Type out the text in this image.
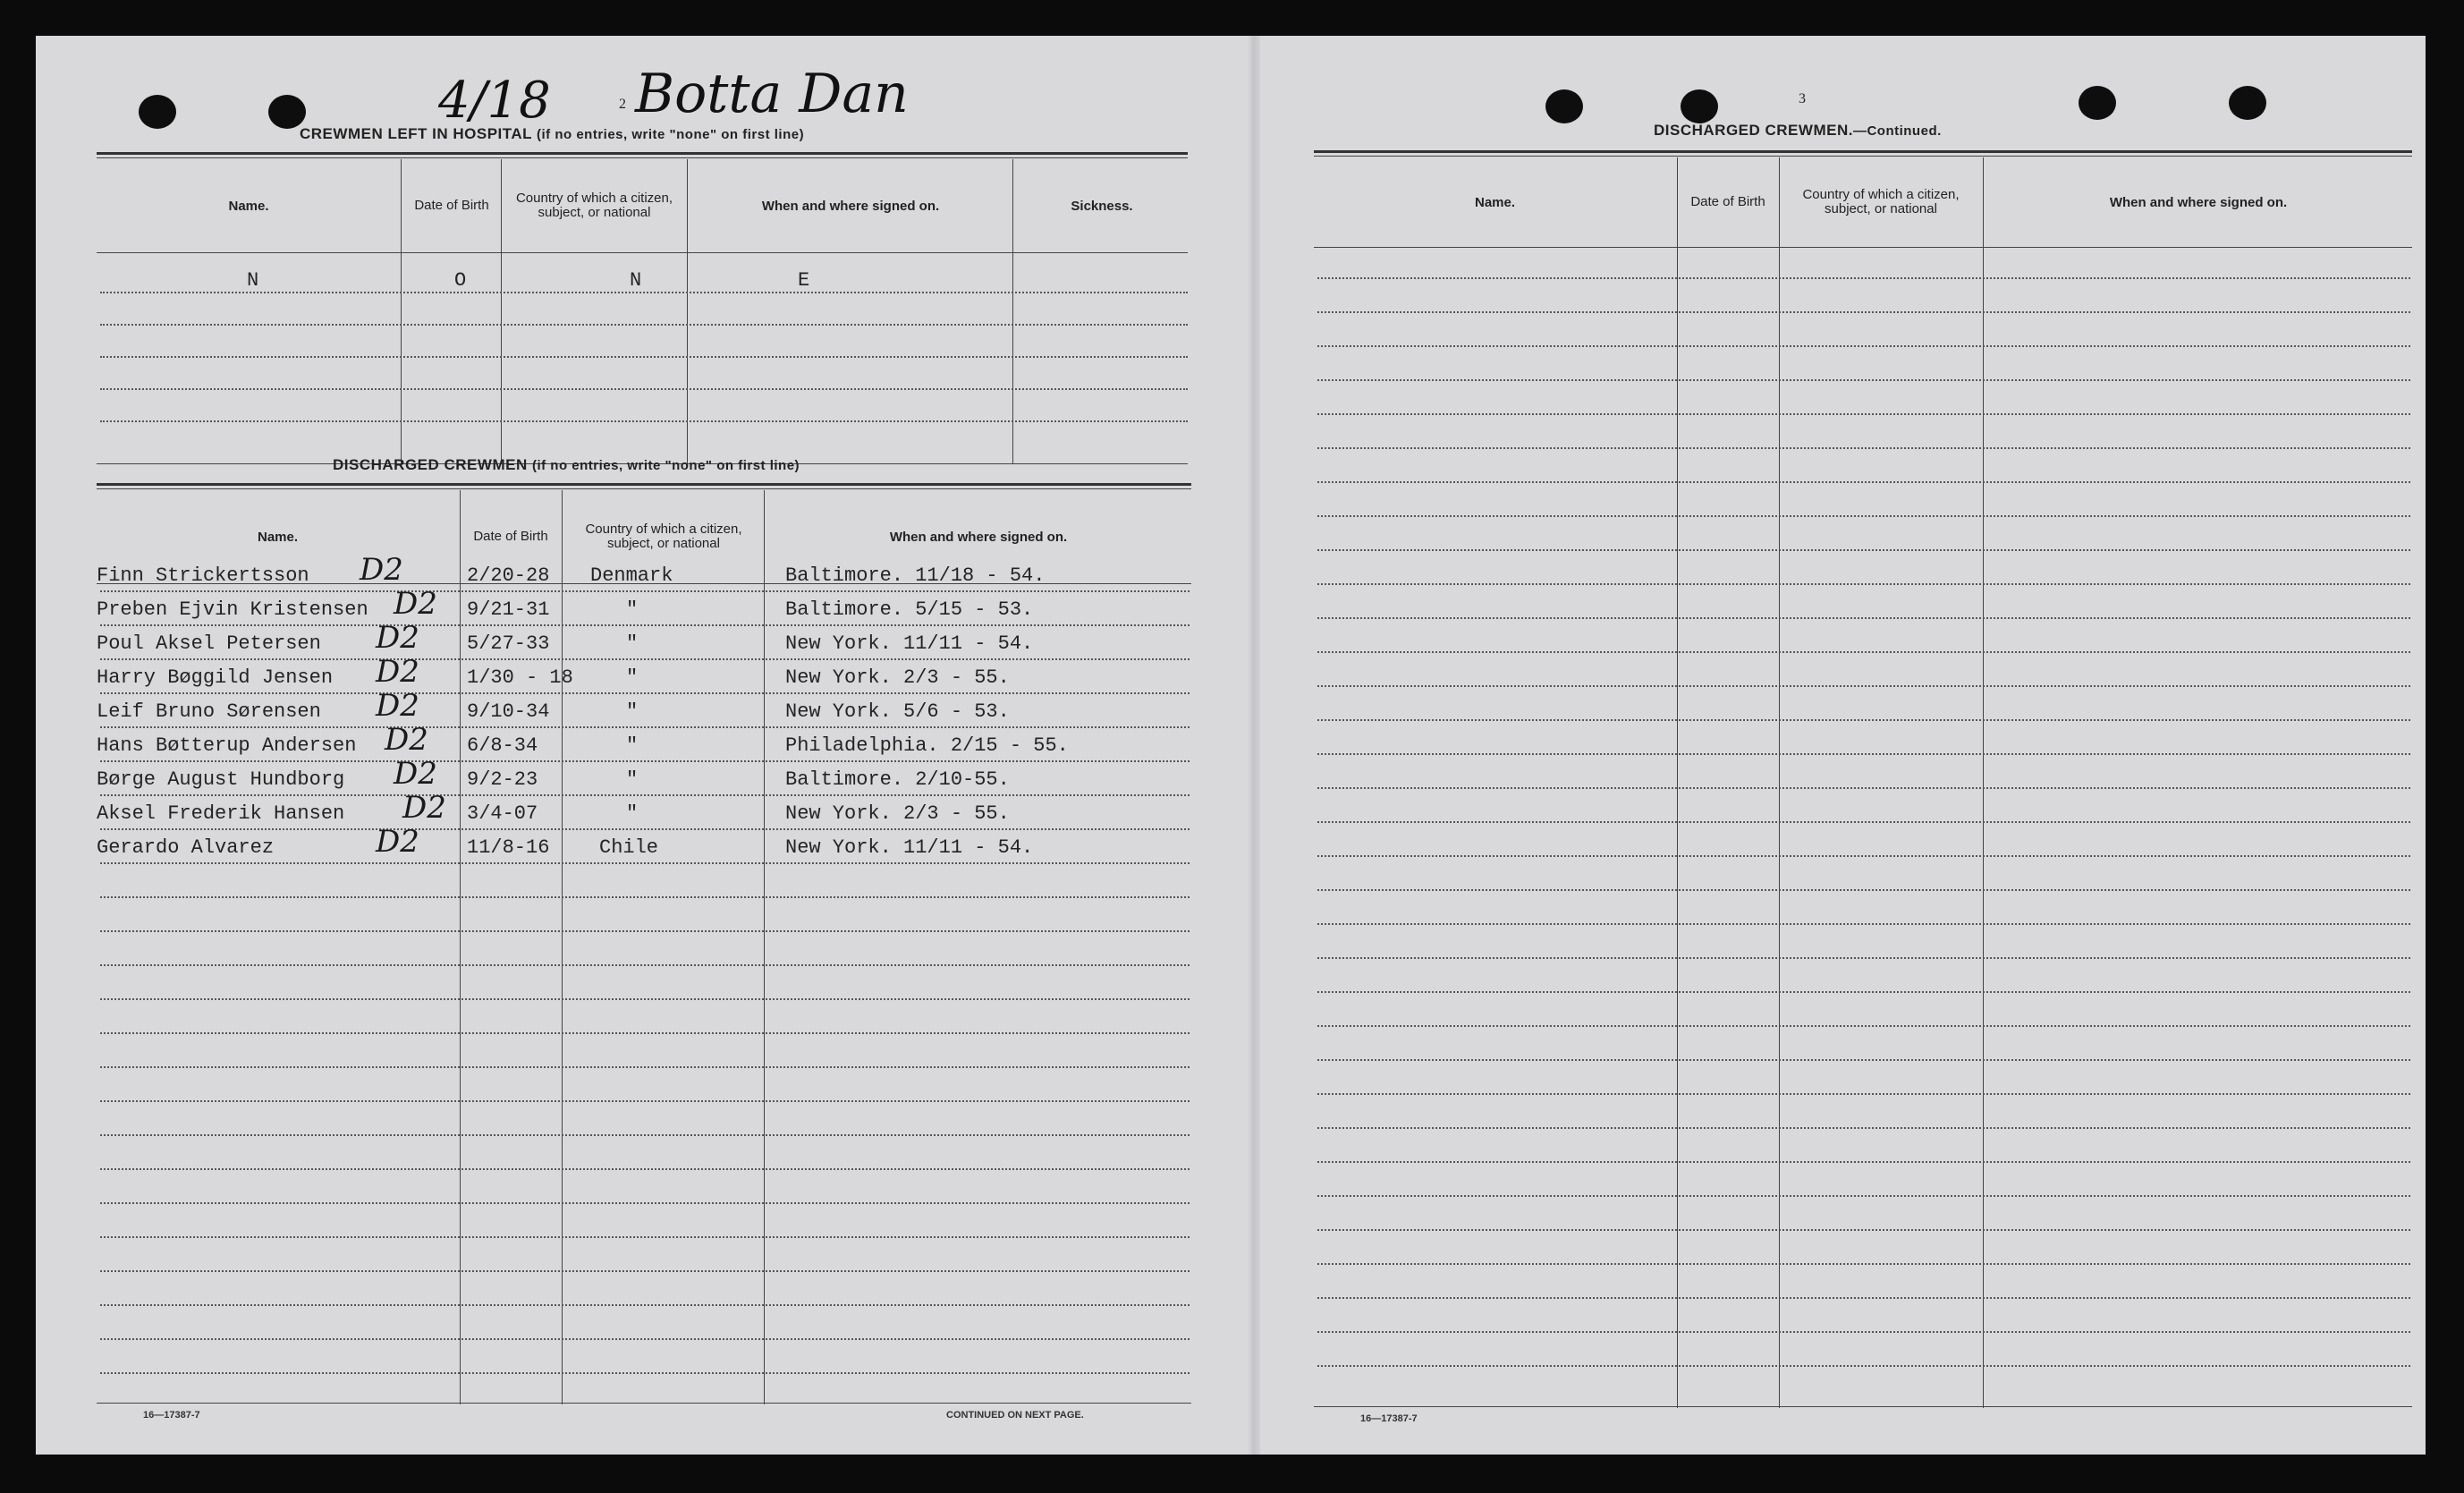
4/18	2 Botta Dan
CREWMEN LEFT IN HOSPITAL (if no entries, write "none" on first line)
Name.	Date of Birth	Country of which a citizen, subject, or national	When and where signed on.	Sickness.
N	O	N	E
DISCHARGED CREWMEN (if no entries, write "none" on first line)
Name.	Date of Birth	Country of which a citizen, subject, or national	When and where signed on.
Finn Strickertsson D2	2/20-28 Denmark	Baltimore. 11/18 - 54.
Preben Ejvin Kristensen D2 9/21-31	"	Baltimore. 5/15 - 53.
Poul Aksel Petersen D2 5/27-33	"	New York. 11/11 - 54.
Harry Bøggild Jensen D2 1/30 - 18	"	New York. 2/3 - 55.
Leif Bruno Sørensen D2 9/10-34	"	New York. 5/6 - 53.
Hans Bøtterup Andersen D2 6/8-34	"	Philadelphia. 2/15 - 55.
Børge August Hundborg D2 9/2-23	"	Baltimore. 2/10-55.
Aksel Frederik Hansen D2 3/4-07	"	New York. 2/3 - 55.
Gerardo Alvarez	D2 11/8-16	Chile	New York. 11/11 - 54.
16—17387-7	CONTINUED ON NEXT PAGE.
3
DISCHARGED CREWMEN.—Continued.
Name.	Date of Birth	Country of which a citizen, subject, or national	When and where signed on.
16—17387-7
